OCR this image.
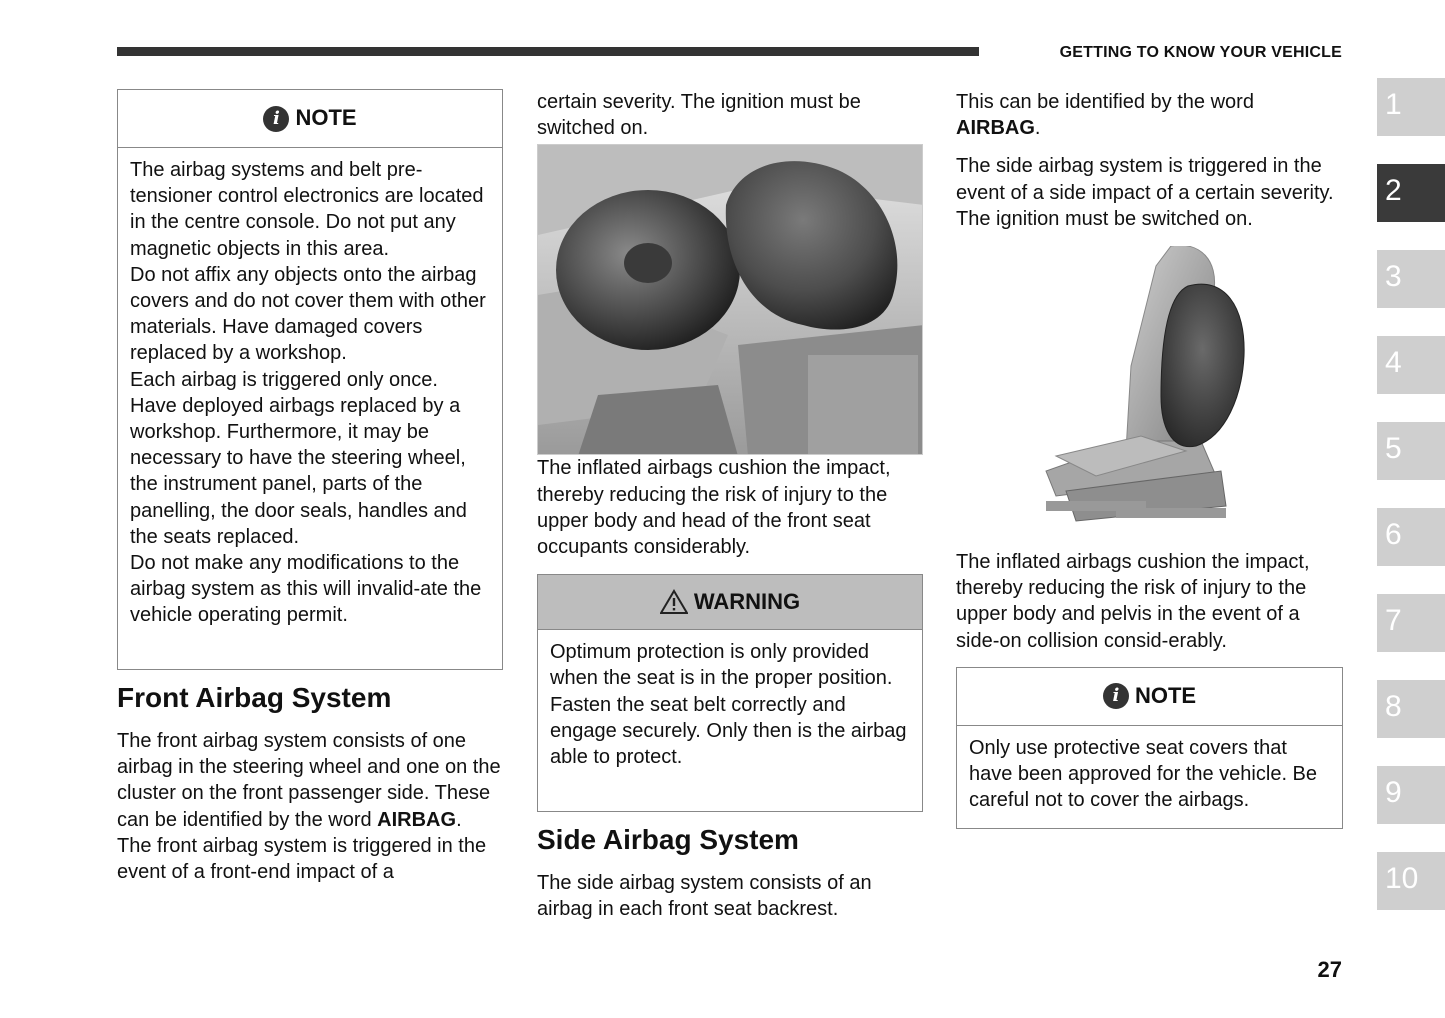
GETTING TO KNOW YOUR VEHICLE
i NOTE

The airbag systems and belt pre-tensioner control electronics are located in the centre console. Do not put any magnetic objects in this area.

Do not affix any objects onto the airbag covers and do not cover them with other materials. Have damaged covers replaced by a workshop.

Each airbag is triggered only once. Have deployed airbags replaced by a workshop. Furthermore, it may be necessary to have the steering wheel, the instrument panel, parts of the panelling, the door seals, handles and the seats replaced.

Do not make any modifications to the airbag system as this will invalid-ate the vehicle operating permit.

Front Airbag System

The front airbag system consists of one airbag in the steering wheel and one on the cluster on the front passenger side. These can be identified by the word AIRBAG.

The front airbag system is triggered in the event of a front-end impact of a

certain severity. The ignition must be switched on.

The inflated airbags cushion the impact, thereby reducing the risk of injury to the upper body and head of the front seat occupants considerably.

WARNING

Optimum protection is only provided when the seat is in the proper position.

Fasten the seat belt correctly and engage securely. Only then is the airbag able to protect.

Side Airbag System

The side airbag system consists of an airbag in each front seat backrest.

This can be identified by the word
AIRBAG.

The side airbag system is triggered in the event of a side impact of a certain severity. The ignition must be switched on.

The inflated airbags cushion the impact, thereby reducing the risk of injury to the upper body and pelvis in the event of a side-on collision consid-erably.

i NOTE

Only use protective seat covers that have been approved for the vehicle. Be careful not to cover the airbags.

1
2
3
4
5
6
7
8
9
10
27
